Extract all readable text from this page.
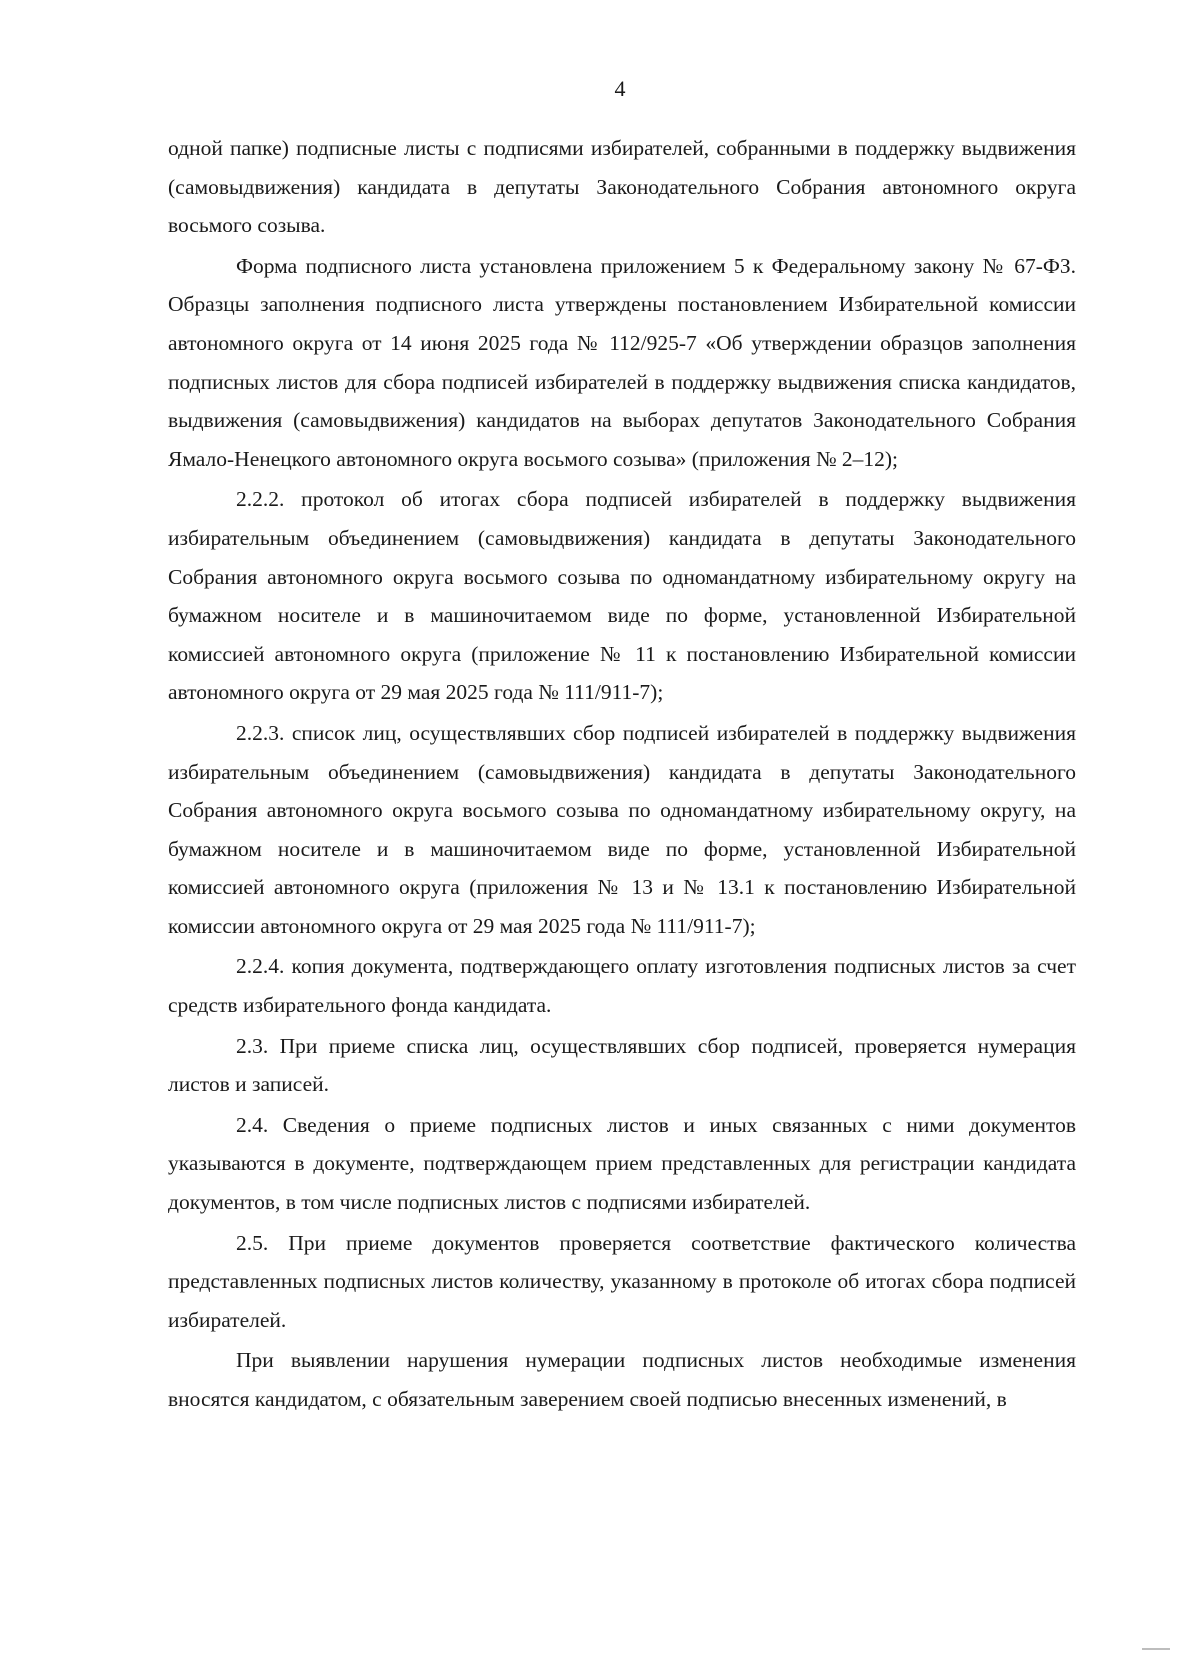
4

одной папке) подписные листы с подписями избирателей, собранными в поддержку выдвижения (самовыдвижения) кандидата в депутаты Законодательного Собрания автономного округа восьмого созыва.

Форма подписного листа установлена приложением 5 к Федеральному закону № 67-ФЗ. Образцы заполнения подписного листа утверждены постановлением Избирательной комиссии автономного округа от 14 июня 2025 года № 112/925-7 «Об утверждении образцов заполнения подписных листов для сбора подписей избирателей в поддержку выдвижения списка кандидатов, выдвижения (самовыдвижения) кандидатов на выборах депутатов Законодательного Собрания Ямало-Ненецкого автономного округа восьмого созыва» (приложения № 2–12);

2.2.2. протокол об итогах сбора подписей избирателей в поддержку выдвижения избирательным объединением (самовыдвижения) кандидата в депутаты Законодательного Собрания автономного округа восьмого созыва по одномандатному избирательному округу на бумажном носителе и в машиночитаемом виде по форме, установленной Избирательной комиссией автономного округа (приложение № 11 к постановлению Избирательной комиссии автономного округа от 29 мая 2025 года № 111/911-7);

2.2.3. список лиц, осуществлявших сбор подписей избирателей в поддержку выдвижения избирательным объединением (самовыдвижения) кандидата в депутаты Законодательного Собрания автономного округа восьмого созыва по одномандатному избирательному округу, на бумажном носителе и в машиночитаемом виде по форме, установленной Избирательной комиссией автономного округа (приложения № 13 и № 13.1 к постановлению Избирательной комиссии автономного округа от 29 мая 2025 года № 111/911-7);

2.2.4. копия документа, подтверждающего оплату изготовления подписных листов за счет средств избирательного фонда кандидата.

2.3. При приеме списка лиц, осуществлявших сбор подписей, проверяется нумерация листов и записей.

2.4. Сведения о приеме подписных листов и иных связанных с ними документов указываются в документе, подтверждающем прием представленных для регистрации кандидата документов, в том числе подписных листов с подписями избирателей.

2.5. При приеме документов проверяется соответствие фактического количества представленных подписных листов количеству, указанному в протоколе об итогах сбора подписей избирателей.

При выявлении нарушения нумерации подписных листов необходимые изменения вносятся кандидатом, с обязательным заверением своей подписью внесенных изменений, в
